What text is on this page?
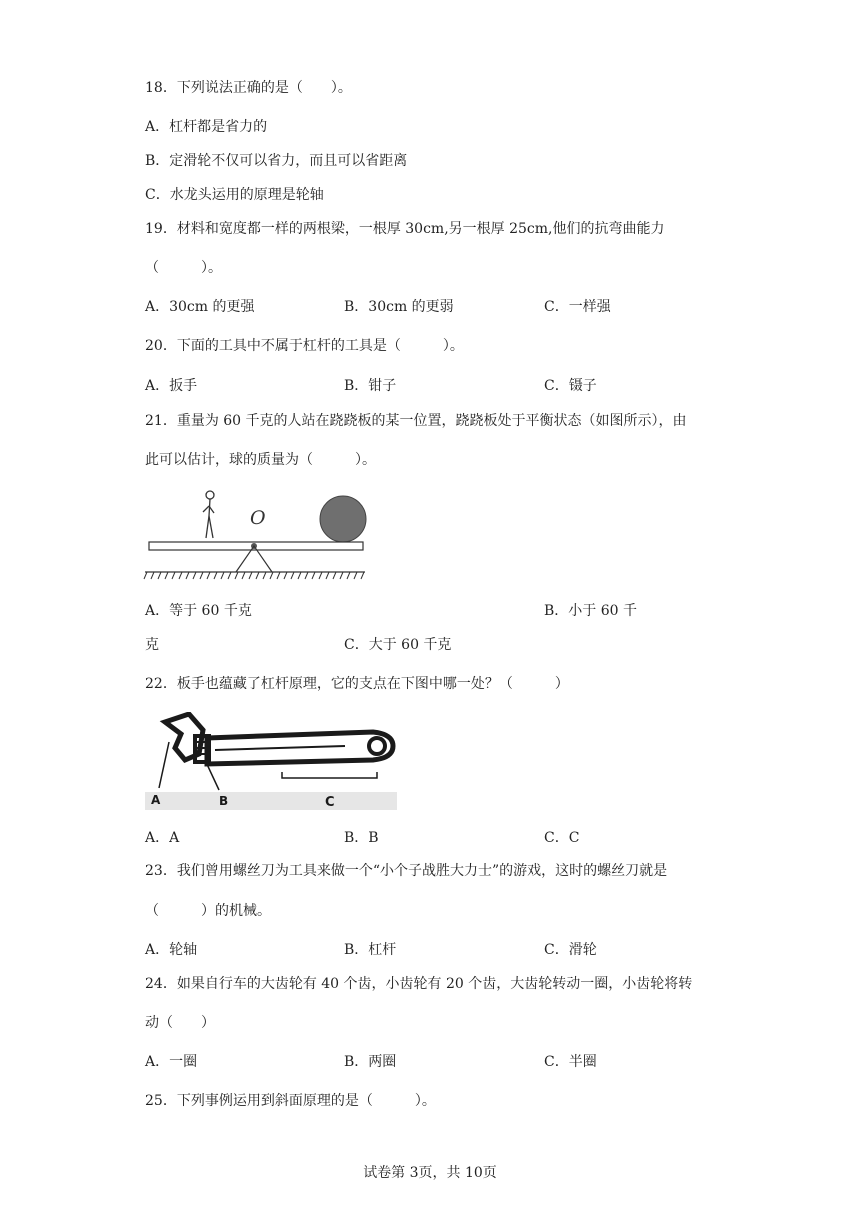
18．下列说法正确的是（　　）。
A．杠杆都是省力的
B．定滑轮不仅可以省力，而且可以省距离
C．水龙头运用的原理是轮轴
19．材料和宽度都一样的两根梁，一根厚 30cm,另一根厚 25cm,他们的抗弯曲能力
（　　　）。
A．30cm 的更强	B．30cm 的更弱	C．一样强
20．下面的工具中不属于杠杆的工具是（　　　）。
A．扳手	B．钳子	C．镊子
21．重量为 60 千克的人站在跷跷板的某一位置，跷跷板处于平衡状态（如图所示），由
此可以估计，球的质量为（　　　）。
O
A．等于 60 千克	B．小于 60 千
克	C．大于 60 千克
22．板手也蕴藏了杠杆原理，它的支点在下图中哪一处？（　　　）
A	B	C
A．A	B．B	C．C
23．我们曾用螺丝刀为工具来做一个“小个子战胜大力士”的游戏，这时的螺丝刀就是
（　　　）的机械。
A．轮轴	B．杠杆	C．滑轮
24．如果自行车的大齿轮有 40 个齿，小齿轮有 20 个齿，大齿轮转动一圈，小齿轮将转
动（　　）
A．一圈	B．两圈	C．半圈
25．下列事例运用到斜面原理的是（　　　）。
试卷第 3页，共 10页
